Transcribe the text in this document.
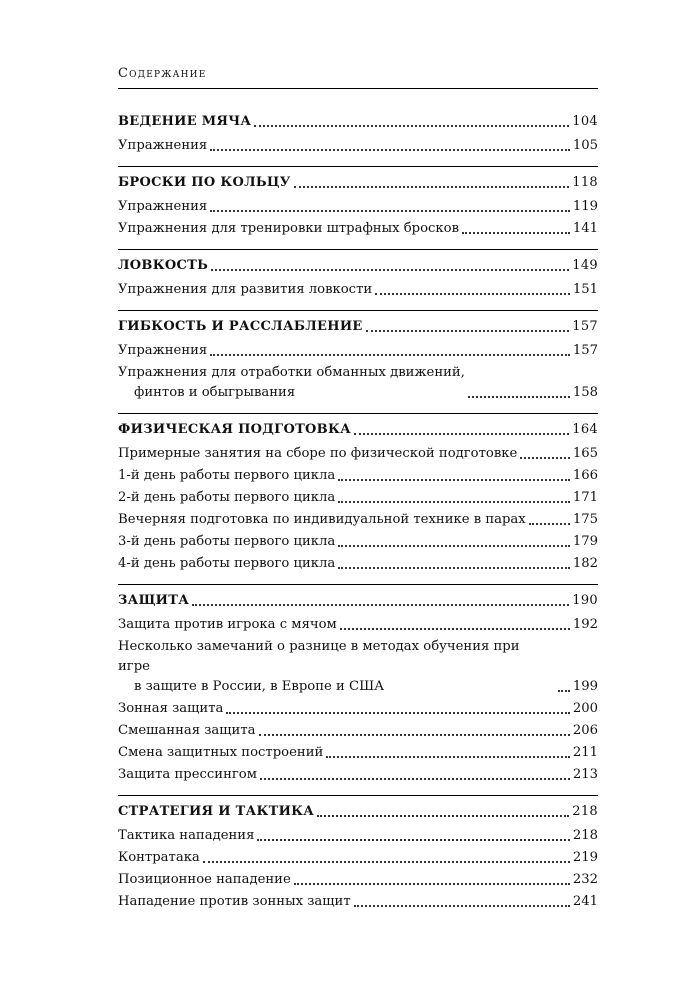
Содержание
ВЕДЕНИЕ МЯЧА	104
Упражнения	105
БРОСКИ ПО КОЛЬЦУ	118
Упражнения	119
Упражнения для тренировки штрафных бросков	141
ЛОВКОСТЬ	149
Упражнения для развития ловкости	151
ГИБКОСТЬ И РАССЛАБЛЕНИЕ	157
Упражнения	157
Упражнения для отработки обманных движений,
финтов и обыгрывания	158
ФИЗИЧЕСКАЯ ПОДГОТОВКА	164
Примерные занятия на сборе по физической подготовке	165
1-й день работы первого цикла	166
2-й день работы первого цикла	171
Вечерняя подготовка по индивидуальной технике в парах	175
3-й день работы первого цикла	179
4-й день работы первого цикла	182
ЗАЩИТА	190
Защита против игрока с мячом	192
Несколько замечаний о разнице в методах обучения при игре
в защите в России, в Европе и США	199
Зонная защита	200
Смешанная защита	206
Смена защитных построений	211
Защита прессингом	213
СТРАТЕГИЯ И ТАКТИКА	218
Тактика нападения	218
Контратака	219
Позиционное нападение	232
Нападение против зонных защит	241
